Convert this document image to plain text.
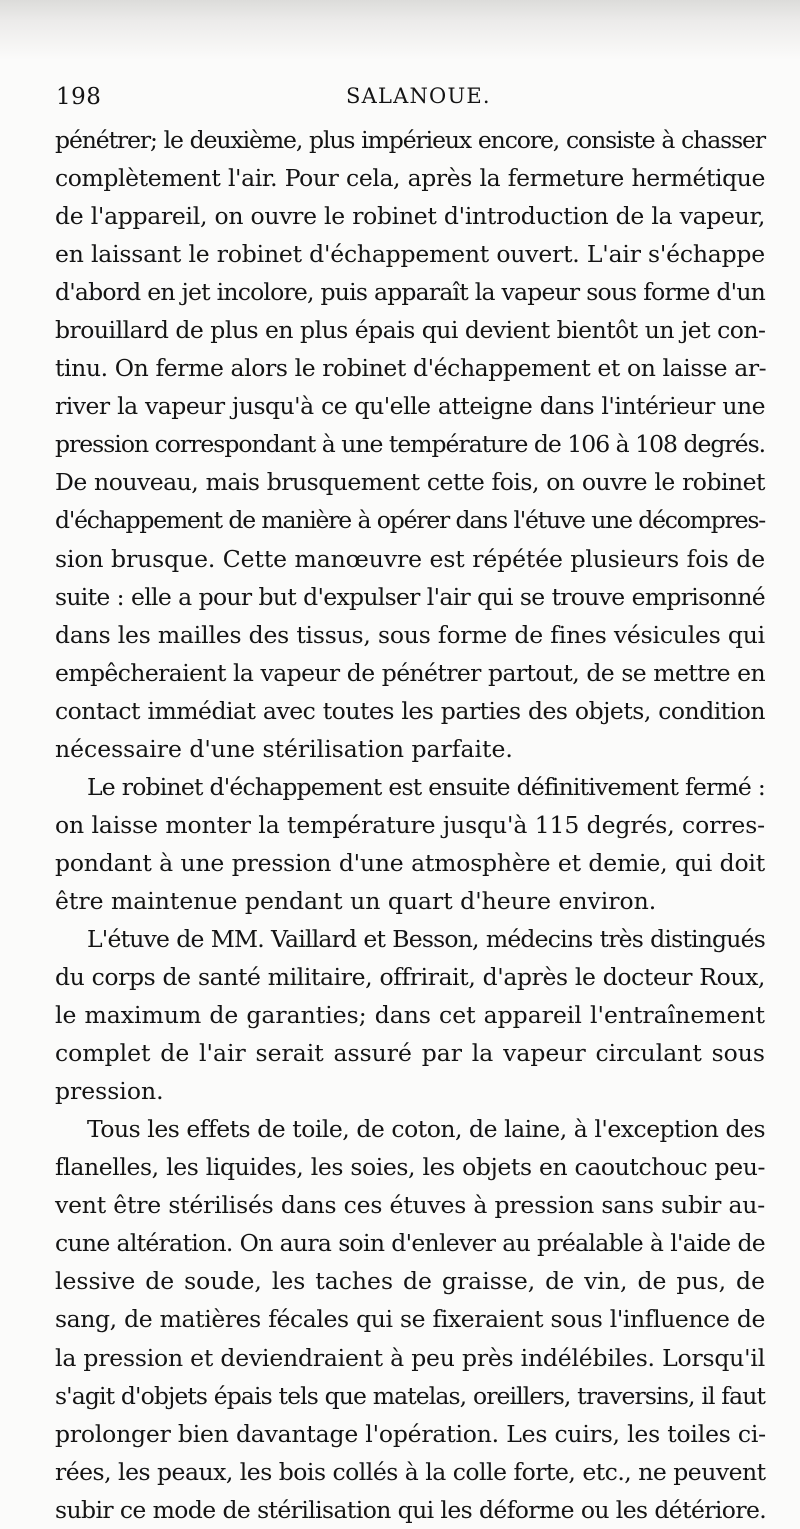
198	SALANOUE.
pénétrer; le deuxième, plus impérieux encore, consiste à chasser
complètement l'air. Pour cela, après la fermeture hermétique
de l'appareil, on ouvre le robinet d'introduction de la vapeur,
en laissant le robinet d'échappement ouvert. L'air s'échappe
d'abord en jet incolore, puis apparaît la vapeur sous forme d'un
brouillard de plus en plus épais qui devient bientôt un jet con-
tinu. On ferme alors le robinet d'échappement et on laisse ar-
river la vapeur jusqu'à ce qu'elle atteigne dans l'intérieur une
pression correspondant à une température de 106 à 108 degrés.
De nouveau, mais brusquement cette fois, on ouvre le robinet
d'échappement de manière à opérer dans l'étuve une décompres-
sion brusque. Cette manœuvre est répétée plusieurs fois de
suite : elle a pour but d'expulser l'air qui se trouve emprisonné
dans les mailles des tissus, sous forme de fines vésicules qui
empêcheraient la vapeur de pénétrer partout, de se mettre en
contact immédiat avec toutes les parties des objets, condition
nécessaire d'une stérilisation parfaite.
Le robinet d'échappement est ensuite définitivement fermé :
on laisse monter la température jusqu'à 115 degrés, corres-
pondant à une pression d'une atmosphère et demie, qui doit
être maintenue pendant un quart d'heure environ.
L'étuve de MM. Vaillard et Besson, médecins très distingués
du corps de santé militaire, offrirait, d'après le docteur Roux,
le maximum de garanties; dans cet appareil l'entraînement
complet de l'air serait assuré par la vapeur circulant sous
pression.
Tous les effets de toile, de coton, de laine, à l'exception des
flanelles, les liquides, les soies, les objets en caoutchouc peu-
vent être stérilisés dans ces étuves à pression sans subir au-
cune altération. On aura soin d'enlever au préalable à l'aide de
lessive de soude, les taches de graisse, de vin, de pus, de
sang, de matières fécales qui se fixeraient sous l'influence de
la pression et deviendraient à peu près indélébiles. Lorsqu'il
s'agit d'objets épais tels que matelas, oreillers, traversins, il faut
prolonger bien davantage l'opération. Les cuirs, les toiles ci-
rées, les peaux, les bois collés à la colle forte, etc., ne peuvent
subir ce mode de stérilisation qui les déforme ou les détériore.
